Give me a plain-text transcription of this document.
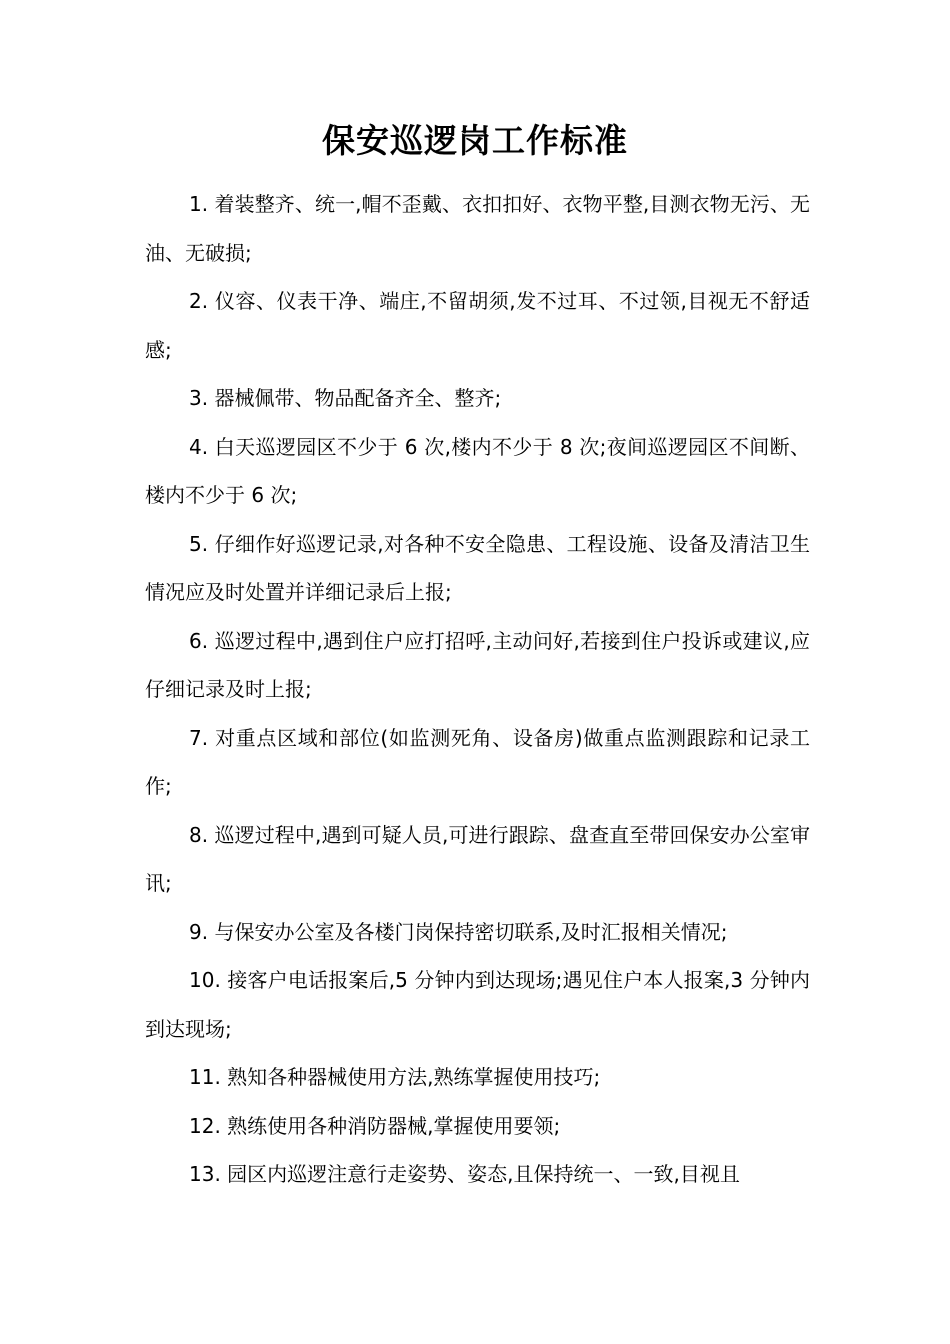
保安巡逻岗工作标准

1. 着装整齐、统一,帽不歪戴、衣扣扣好、衣物平整,目测衣物无污、无油、无破损;

2. 仪容、仪表干净、端庄,不留胡须,发不过耳、不过领,目视无不舒适感;

3. 器械佩带、物品配备齐全、整齐;

4. 白天巡逻园区不少于 6 次,楼内不少于 8 次;夜间巡逻园区不间断、楼内不少于 6 次;

5. 仔细作好巡逻记录,对各种不安全隐患、工程设施、设备及清洁卫生情况应及时处置并详细记录后上报;

6. 巡逻过程中,遇到住户应打招呼,主动问好,若接到住户投诉或建议,应仔细记录及时上报;

7. 对重点区域和部位(如监测死角、设备房)做重点监测跟踪和记录工作;

8. 巡逻过程中,遇到可疑人员,可进行跟踪、盘查直至带回保安办公室审讯;

9. 与保安办公室及各楼门岗保持密切联系,及时汇报相关情况;

10. 接客户电话报案后,5 分钟内到达现场;遇见住户本人报案,3 分钟内到达现场;

11. 熟知各种器械使用方法,熟练掌握使用技巧;

12. 熟练使用各种消防器械,掌握使用要领;

13. 园区内巡逻注意行走姿势、姿态,且保持统一、一致,目视且
